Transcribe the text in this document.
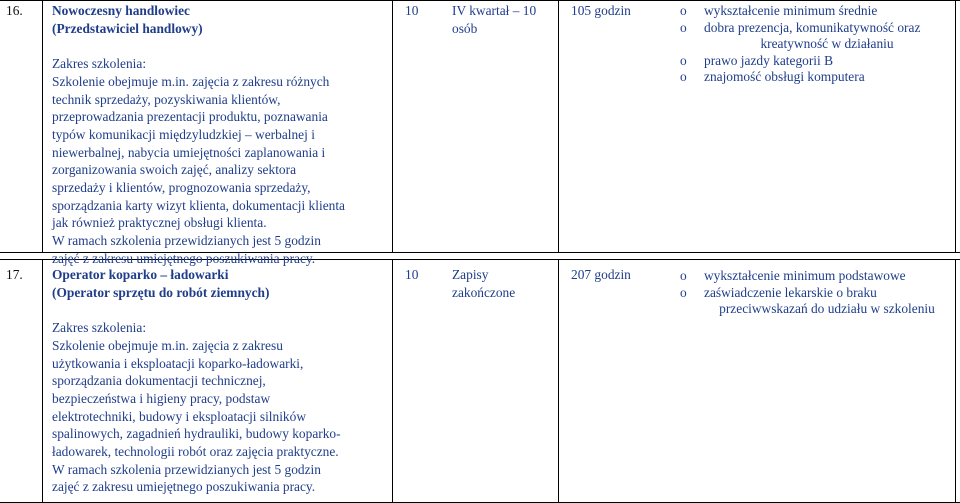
16. Nowoczesny handlowiec
(Przedstawiciel handlowy)
Zakres szkolenia:
Szkolenie obejmuje m.in. zajęcia z zakresu różnych
technik sprzedaży, pozyskiwania klientów,
przeprowadzania prezentacji produktu, poznawania
typów komunikacji międzyludzkiej – werbalnej i
niewerbalnej, nabycia umiejętności zaplanowania i
zorganizowania swoich zajęć, analizy sektora
sprzedaży i klientów, prognozowania sprzedaży,
sporządzania karty wizyt klienta, dokumentacji klienta
jak również praktycznej obsługi klienta.
W ramach szkolenia przewidzianych jest 5 godzin
zajęć z zakresu umiejętnego poszukiwania pracy.
10	IV kwartał – 10
osób
105 godzin	o	wykształcenie minimum średnie
o	dobra prezencja, komunikatywność oraz
kreatywność w działaniu
o	prawo jazdy kategorii B
o	znajomość obsługi komputera
17. Operator koparko – ładowarki
(Operator sprzętu do robót ziemnych)
Zakres szkolenia:
Szkolenie obejmuje m.in. zajęcia z zakresu
użytkowania i eksploatacji koparko-ładowarki,
sporządzania dokumentacji technicznej,
bezpieczeństwa i higieny pracy, podstaw
elektrotechniki, budowy i eksploatacji silników
spalinowych, zagadnień hydrauliki, budowy koparko-
ładowarek, technologii robót oraz zajęcia praktyczne.
W ramach szkolenia przewidzianych jest 5 godzin
zajęć z zakresu umiejętnego poszukiwania pracy.
10	Zapisy
zakończone
207 godzin	o	wykształcenie minimum podstawowe
o	zaświadczenie lekarskie o braku
przeciwwskazań do udziału w szkoleniu
